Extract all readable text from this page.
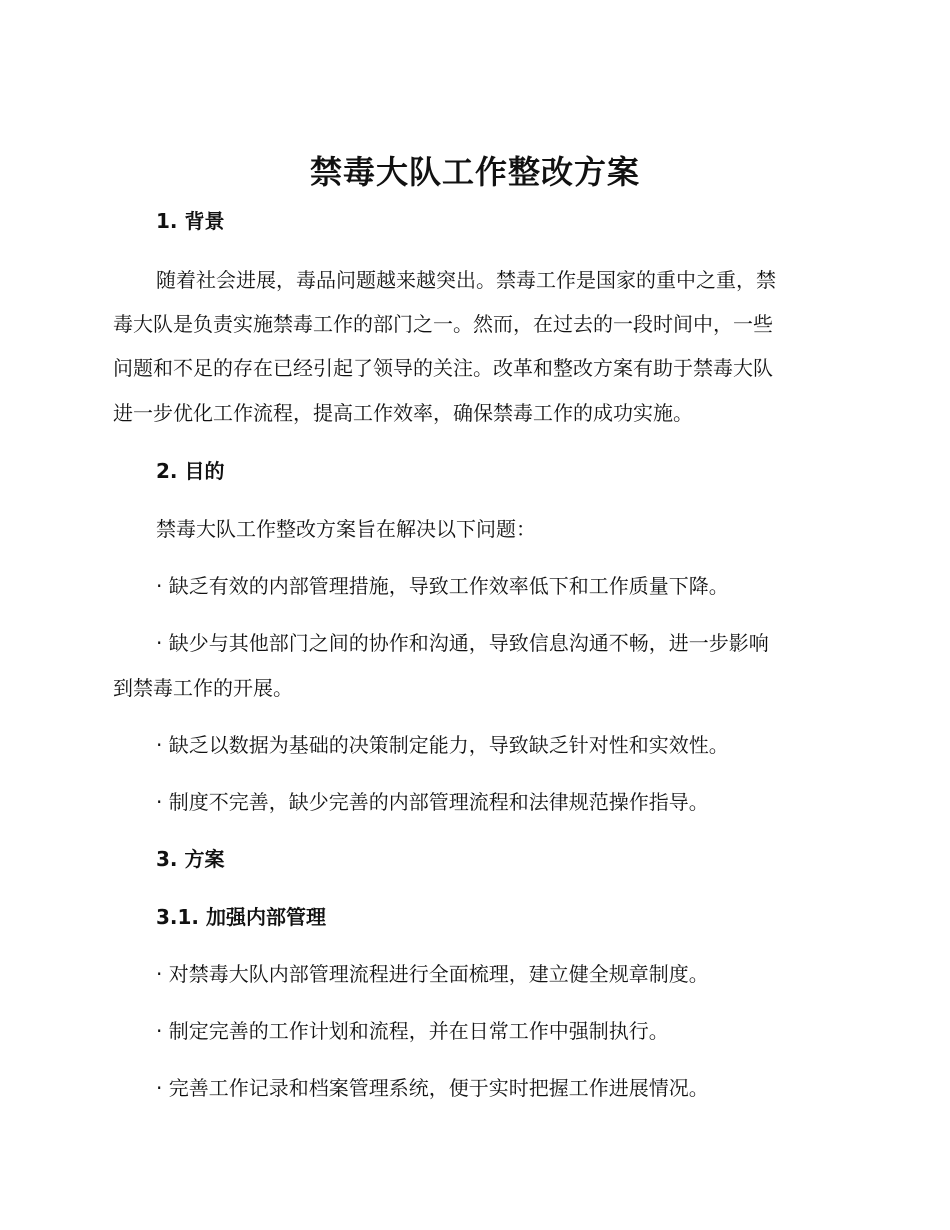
禁毒大队工作整改方案
1. 背景
随着社会进展，毒品问题越来越突出。禁毒工作是国家的重中之重，禁
毒大队是负责实施禁毒工作的部门之一。然而，在过去的一段时间中，一些
问题和不足的存在已经引起了领导的关注。改革和整改方案有助于禁毒大队
进一步优化工作流程，提高工作效率，确保禁毒工作的成功实施。
2. 目的
禁毒大队工作整改方案旨在解决以下问题：
· 缺乏有效的内部管理措施，导致工作效率低下和工作质量下降。
· 缺少与其他部门之间的协作和沟通，导致信息沟通不畅，进一步影响
到禁毒工作的开展。
· 缺乏以数据为基础的决策制定能力，导致缺乏针对性和实效性。
· 制度不完善，缺少完善的内部管理流程和法律规范操作指导。
3. 方案
3.1. 加强内部管理
· 对禁毒大队内部管理流程进行全面梳理，建立健全规章制度。
· 制定完善的工作计划和流程，并在日常工作中强制执行。
· 完善工作记录和档案管理系统，便于实时把握工作进展情况。
